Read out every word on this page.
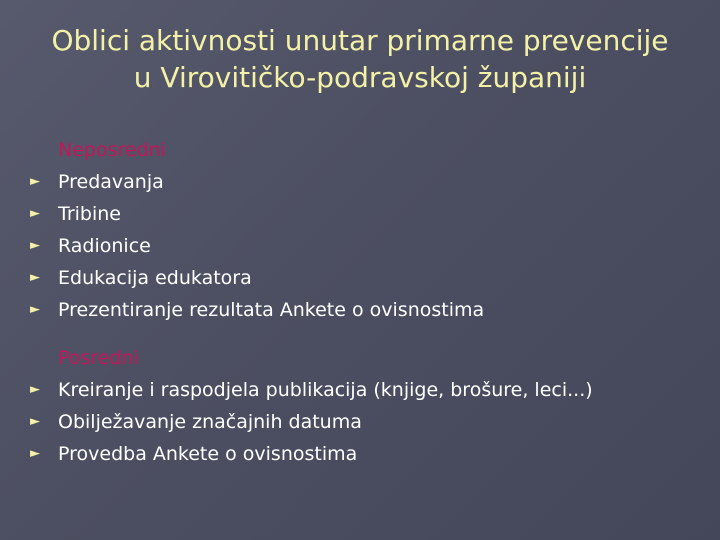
Oblici aktivnosti unutar primarne prevencije
u Virovitičko-podravskoj županiji
Neposredni
► Predavanja
► Tribine
► Radionice
► Edukacija edukatora
► Prezentiranje rezultata Ankete o ovisnostima
Posredni
► Kreiranje i raspodjela publikacija (knjige, brošure, leci...)
► Obilježavanje značajnih datuma
► Provedba Ankete o ovisnostima
